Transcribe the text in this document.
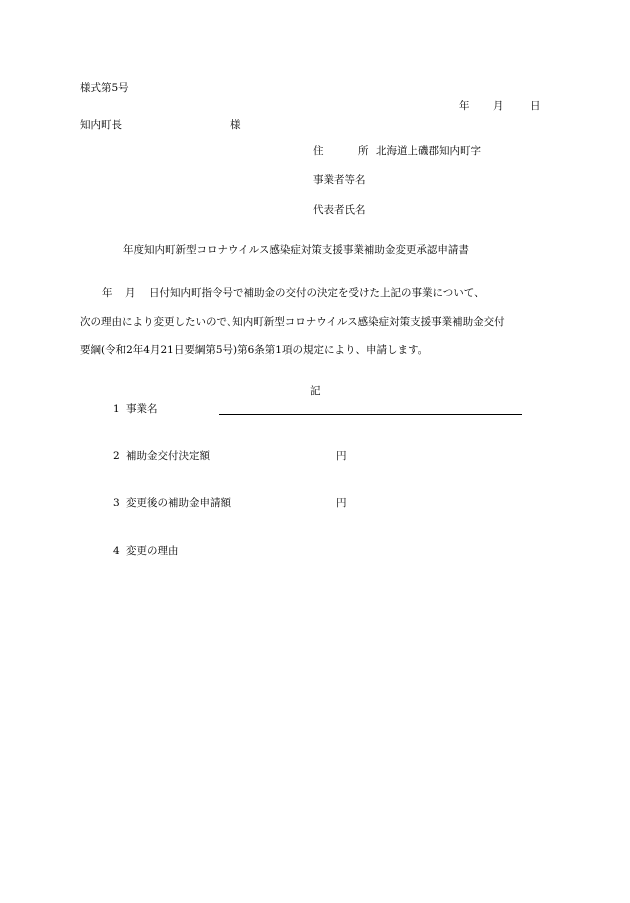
様式第5号
年 月	日
知内町長	様
住	所 北海道上磯郡知内町字
事業者等名
代表者氏名
年度知内町新型コロナウイルス感染症対策支援事業補助金変更承認申請書
年 月 日付知内町指令号で補助金の交付の決定を受けた上記の事業について、
次の理由により変更したいので､知内町新型コロナウイルス感染症対策支援事業補助金交付
要綱(令和2年4月21日要綱第5号)第6条第1項の規定により、申請します。
記
1 事業名
2 補助金交付決定額	円
3 変更後の補助金申請額	円
4 変更の理由
